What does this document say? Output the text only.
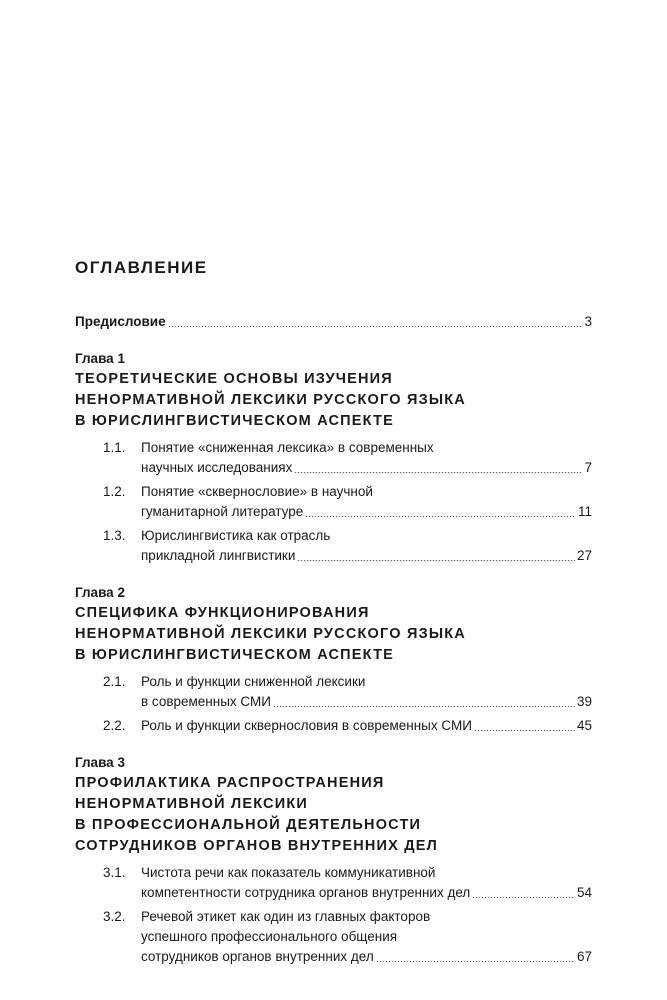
ОГЛАВЛЕНИЕ
Предисловие	3
Глава 1
ТЕОРЕТИЧЕСКИЕ ОСНОВЫ ИЗУЧЕНИЯ
НЕНОРМАТИВНОЙ ЛЕКСИКИ РУССКОГО ЯЗЫКА
В ЮРИСЛИНГВИСТИЧЕСКОМ АСПЕКТЕ
1.1. Понятие «сниженная лексика» в современных
научных исследованиях	7
1.2. Понятие «сквернословие» в научной
гуманитарной литературе	11
1.3. Юрислингвистика как отрасль
прикладной лингвистики	27
Глава 2
СПЕЦИФИКА ФУНКЦИОНИРОВАНИЯ
НЕНОРМАТИВНОЙ ЛЕКСИКИ РУССКОГО ЯЗЫКА
В ЮРИСЛИНГВИСТИЧЕСКОМ АСПЕКТЕ
2.1. Роль и функции сниженной лексики
в современных СМИ	39
2.2. Роль и функции сквернословия в современных СМИ	45
Глава 3
ПРОФИЛАКТИКА РАСПРОСТРАНЕНИЯ
НЕНОРМАТИВНОЙ ЛЕКСИКИ
В ПРОФЕССИОНАЛЬНОЙ ДЕЯТЕЛЬНОСТИ
СОТРУДНИКОВ ОРГАНОВ ВНУТРЕННИХ ДЕЛ
3.1. Чистота речи как показатель коммуникативной
компетентности сотрудника органов внутренних дел	54
3.2. Речевой этикет как один из главных факторов
успешного профессионального общения
сотрудников органов внутренних дел	67
